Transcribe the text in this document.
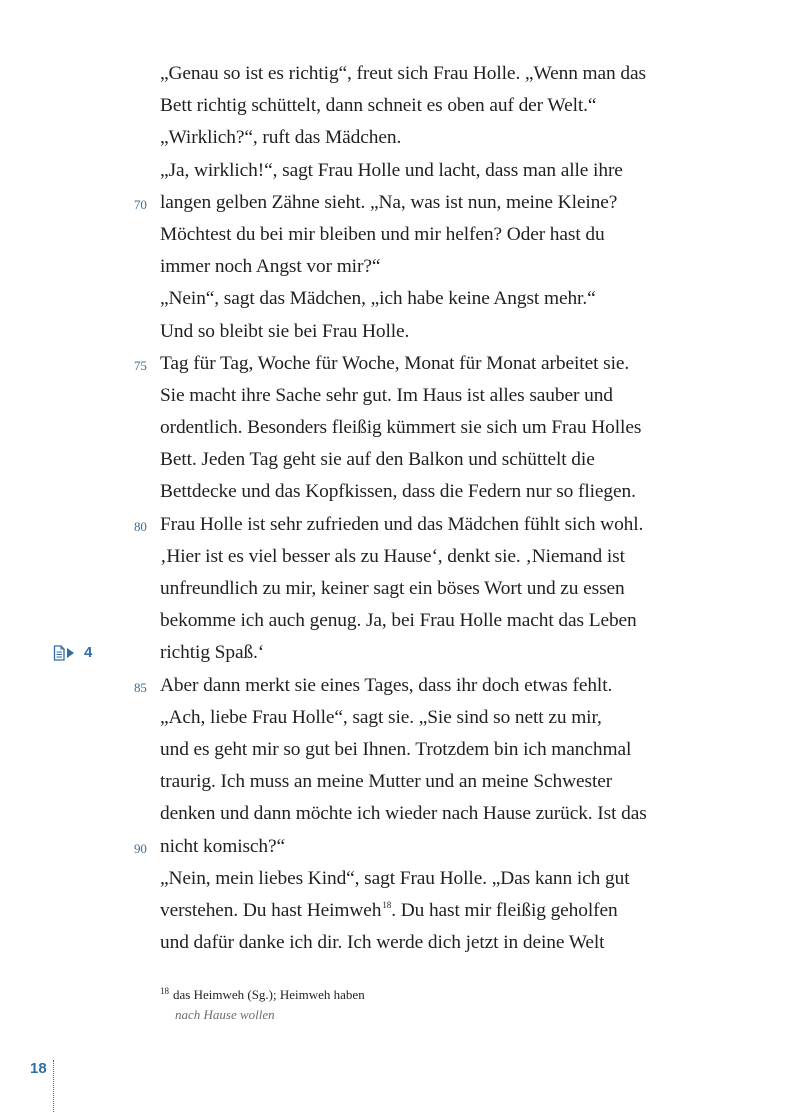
„Genau so ist es richtig“, freut sich Frau Holle. „Wenn man das
Bett richtig schüttelt, dann schneit es oben auf der Welt.“
„Wirklich?“, ruft das Mädchen.
„Ja, wirklich!“, sagt Frau Holle und lacht, dass man alle ihre
70 langen gelben Zähne sieht. „Na, was ist nun, meine Kleine?
Möchtest du bei mir bleiben und mir helfen? Oder hast du
immer noch Angst vor mir?“
„Nein“, sagt das Mädchen, „ich habe keine Angst mehr.“
Und so bleibt sie bei Frau Holle.
75 Tag für Tag, Woche für Woche, Monat für Monat arbeitet sie.
Sie macht ihre Sache sehr gut. Im Haus ist alles sauber und
ordentlich. Besonders fleißig kümmert sie sich um Frau Holles
Bett. Jeden Tag geht sie auf den Balkon und schüttelt die
Bettdecke und das Kopfkissen, dass die Federn nur so fliegen.
80 Frau Holle ist sehr zufrieden und das Mädchen fühlt sich wohl.
‚Hier ist es viel besser als zu Hause‘, denkt sie. ‚Niemand ist
unfreundlich zu mir, keiner sagt ein böses Wort und zu essen
bekomme ich auch genug. Ja, bei Frau Holle macht das Leben
4	richtig Spaß.‘
85 Aber dann merkt sie eines Tages, dass ihr doch etwas fehlt.
„Ach, liebe Frau Holle“, sagt sie. „Sie sind so nett zu mir,
und es geht mir so gut bei Ihnen. Trotzdem bin ich manchmal
traurig. Ich muss an meine Mutter und an meine Schwester
denken und dann möchte ich wieder nach Hause zurück. Ist das
90 nicht komisch?“
„Nein, mein liebes Kind“, sagt Frau Holle. „Das kann ich gut
verstehen. Du hast Heimweh$^{18}$. Du hast mir fleißig geholfen
und dafür danke ich dir. Ich werde dich jetzt in deine Welt
$^{18}$ das Heimweh (Sg.); Heimweh haben
nach Hause wollen
18
